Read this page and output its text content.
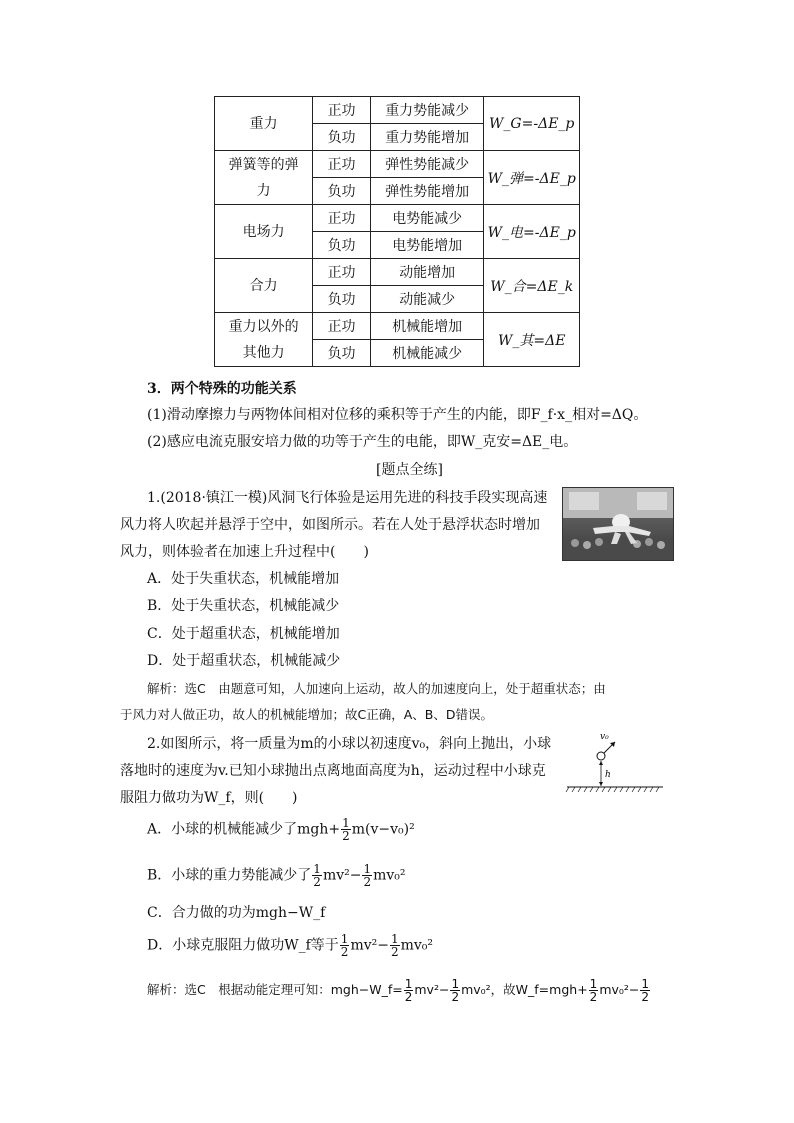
重力	正功	重力势能减少	W_G=-ΔE_p
	负功	重力势能增加	
弹簧等的弹力	正功	弹性势能减少	W_弹=-ΔE_p
	负功	弹性势能增加	
电场力	正功	电势能减少	W_电=-ΔE_p
	负功	电势能增加	
合力	正功	动能增加	W_合=ΔE_k
	负功	动能减少	
重力以外的其他力	正功	机械能增加	W_其=ΔE
	负功	机械能减少	
3．两个特殊的功能关系
(1)滑动摩擦力与两物体间相对位移的乘积等于产生的内能，即F_f·x_相对=ΔQ。
(2)感应电流克服安培力做的功等于产生的电能，即W_克安=ΔE_电。
[题点全练]
1.(2018·镇江一模)风洞飞行体验是运用先进的科技手段实现高速
风力将人吹起并悬浮于空中，如图所示。若在人处于悬浮状态时增加
风力，则体验者在加速上升过程中(　　)
A．处于失重状态，机械能增加
B．处于失重状态，机械能减少
C．处于超重状态，机械能增加
D．处于超重状态，机械能减少
解析：选C　由题意可知，人加速向上运动，故人的加速度向上，处于超重状态；由
于风力对人做正功，故人的机械能增加；故C正确，A、B、D错误。
2.如图所示，将一质量为m的小球以初速度v₀，斜向上抛出，小球
落地时的速度为v.已知小球抛出点离地面高度为h，运动过程中小球克
服阻力做功为W_f，则(　　)
v₀
h
A．小球的机械能减少了$mgh+ \frac{1}{2} m(v-v_0)^2$
B．小球的重力势能减少了 $\frac{1}{2} mv^2- \frac{1}{2} mv_0^2$
C．合力做的功为mgh−W_f
D．小球克服阻力做功W_f等于 $\frac{1}{2} mv^2- \frac{1}{2} mv_0^2$
解析：选C　根据动能定理可知：mgh−W_f= $\frac{1}{2} mv^2- \frac{1}{2} mv_0^2$，故W_f=mgh+ $\frac{1}{2} mv_0^2- \frac{1}{2}$
